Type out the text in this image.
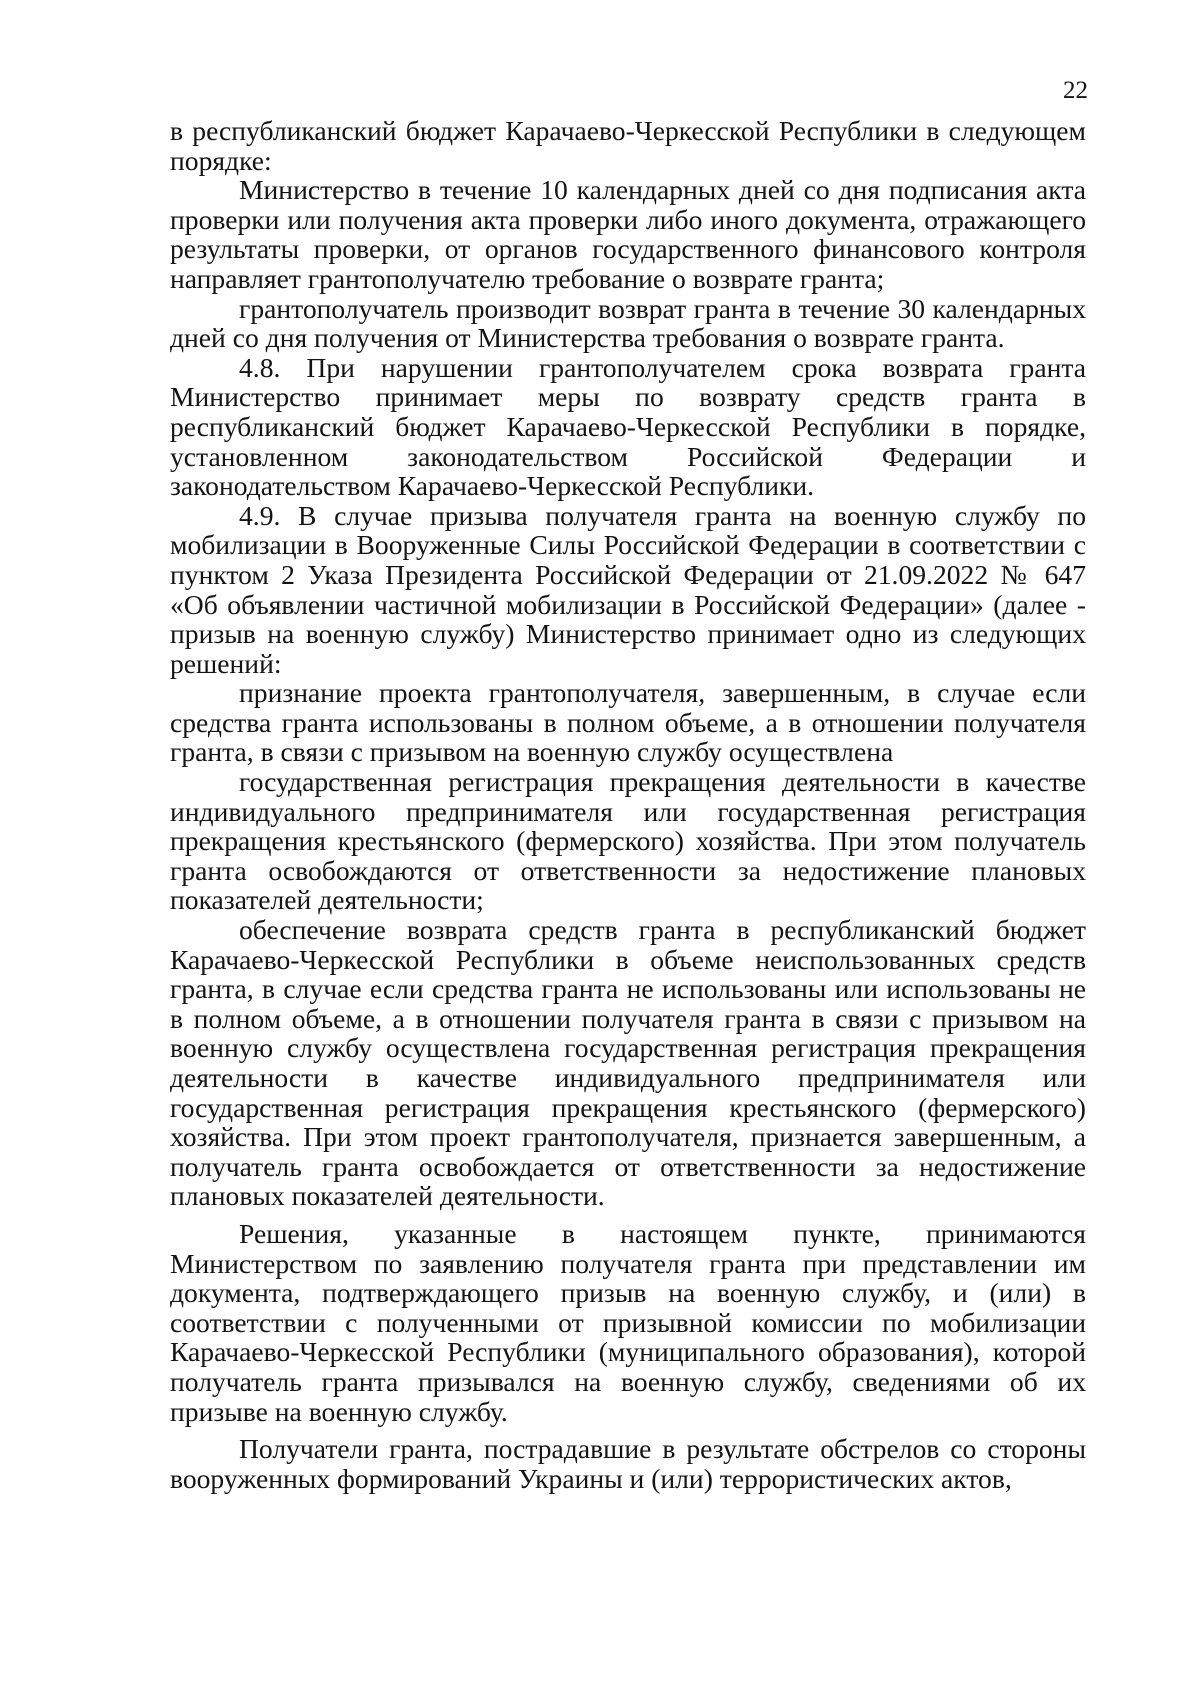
22

в республиканский бюджет Карачаево-Черкесской Республики в следующем порядке:

Министерство в течение 10 календарных дней со дня подписания акта проверки или получения акта проверки либо иного документа, отражающего результаты проверки, от органов государственного финансового контроля направляет грантополучателю требование о возврате гранта;

грантополучатель производит возврат гранта в течение 30 календарных дней со дня получения от Министерства требования о возврате гранта.

4.8. При нарушении грантополучателем срока возврата гранта Министерство принимает меры по возврату средств гранта в республиканский бюджет Карачаево-Черкесской Республики в порядке, установленном законодательством Российской Федерации и законодательством Карачаево-Черкесской Республики.

4.9. В случае призыва получателя гранта на военную службу по мобилизации в Вооруженные Силы Российской Федерации в соответствии с пунктом 2 Указа Президента Российской Федерации от 21.09.2022 № 647 «Об объявлении частичной мобилизации в Российской Федерации» (далее - призыв на военную службу) Министерство принимает одно из следующих решений:

признание проекта грантополучателя, завершенным, в случае если средства гранта использованы в полном объеме, а в отношении получателя гранта, в связи с призывом на военную службу осуществлена

государственная регистрация прекращения деятельности в качестве индивидуального предпринимателя или государственная регистрация прекращения крестьянского (фермерского) хозяйства. При этом получатель гранта освобождаются от ответственности за недостижение плановых показателей деятельности;

обеспечение возврата средств гранта в республиканский бюджет Карачаево-Черкесской Республики в объеме неиспользованных средств гранта, в случае если средства гранта не использованы или использованы не в полном объеме, а в отношении получателя гранта в связи с призывом на военную службу осуществлена государственная регистрация прекращения деятельности в качестве индивидуального предпринимателя или государственная регистрация прекращения крестьянского (фермерского) хозяйства. При этом проект грантополучателя, признается завершенным, а получатель гранта освобождается от ответственности за недостижение плановых показателей деятельности.

Решения, указанные в настоящем пункте, принимаются Министерством по заявлению получателя гранта при представлении им документа, подтверждающего призыв на военную службу, и (или) в соответствии с полученными от призывной комиссии по мобилизации Карачаево-Черкесской Республики (муниципального образования), которой получатель гранта призывался на военную службу, сведениями об их призыве на военную службу.

Получатели гранта, пострадавшие в результате обстрелов со стороны вооруженных формирований Украины и (или) террористических актов,
